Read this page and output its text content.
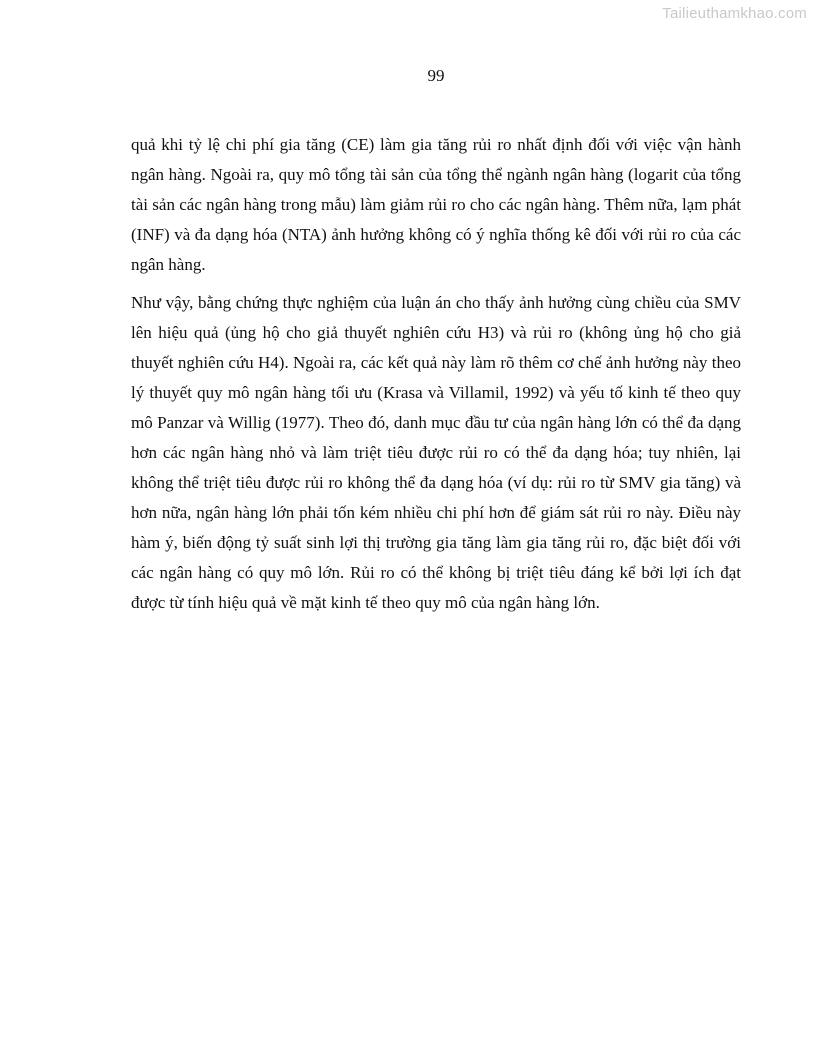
Tailieuthamkhao.com
99

quả khi tỷ lệ chi phí gia tăng (CE) làm gia tăng rủi ro nhất định đối với việc vận hành ngân hàng. Ngoài ra, quy mô tổng tài sản của tổng thể ngành ngân hàng (logarit của tổng tài sản các ngân hàng trong mẫu) làm giảm rủi ro cho các ngân hàng. Thêm nữa, lạm phát (INF) và đa dạng hóa (NTA) ảnh hưởng không có ý nghĩa thống kê đối với rủi ro của các ngân hàng.

Như vậy, bằng chứng thực nghiệm của luận án cho thấy ảnh hưởng cùng chiều của SMV lên hiệu quả (ủng hộ cho giả thuyết nghiên cứu H3) và rủi ro (không ủng hộ cho giả thuyết nghiên cứu H4). Ngoài ra, các kết quả này làm rõ thêm cơ chế ảnh hưởng này theo lý thuyết quy mô ngân hàng tối ưu (Krasa và Villamil, 1992) và yếu tố kinh tế theo quy mô Panzar và Willig (1977). Theo đó, danh mục đầu tư của ngân hàng lớn có thể đa dạng hơn các ngân hàng nhỏ và làm triệt tiêu được rủi ro có thể đa dạng hóa; tuy nhiên, lại không thể triệt tiêu được rủi ro không thể đa dạng hóa (ví dụ: rủi ro từ SMV gia tăng) và hơn nữa, ngân hàng lớn phải tốn kém nhiều chi phí hơn để giám sát rủi ro này. Điều này hàm ý, biến động tỷ suất sinh lợi thị trường gia tăng làm gia tăng rủi ro, đặc biệt đối với các ngân hàng có quy mô lớn. Rủi ro có thể không bị triệt tiêu đáng kể bởi lợi ích đạt được từ tính hiệu quả về mặt kinh tế theo quy mô của ngân hàng lớn.
